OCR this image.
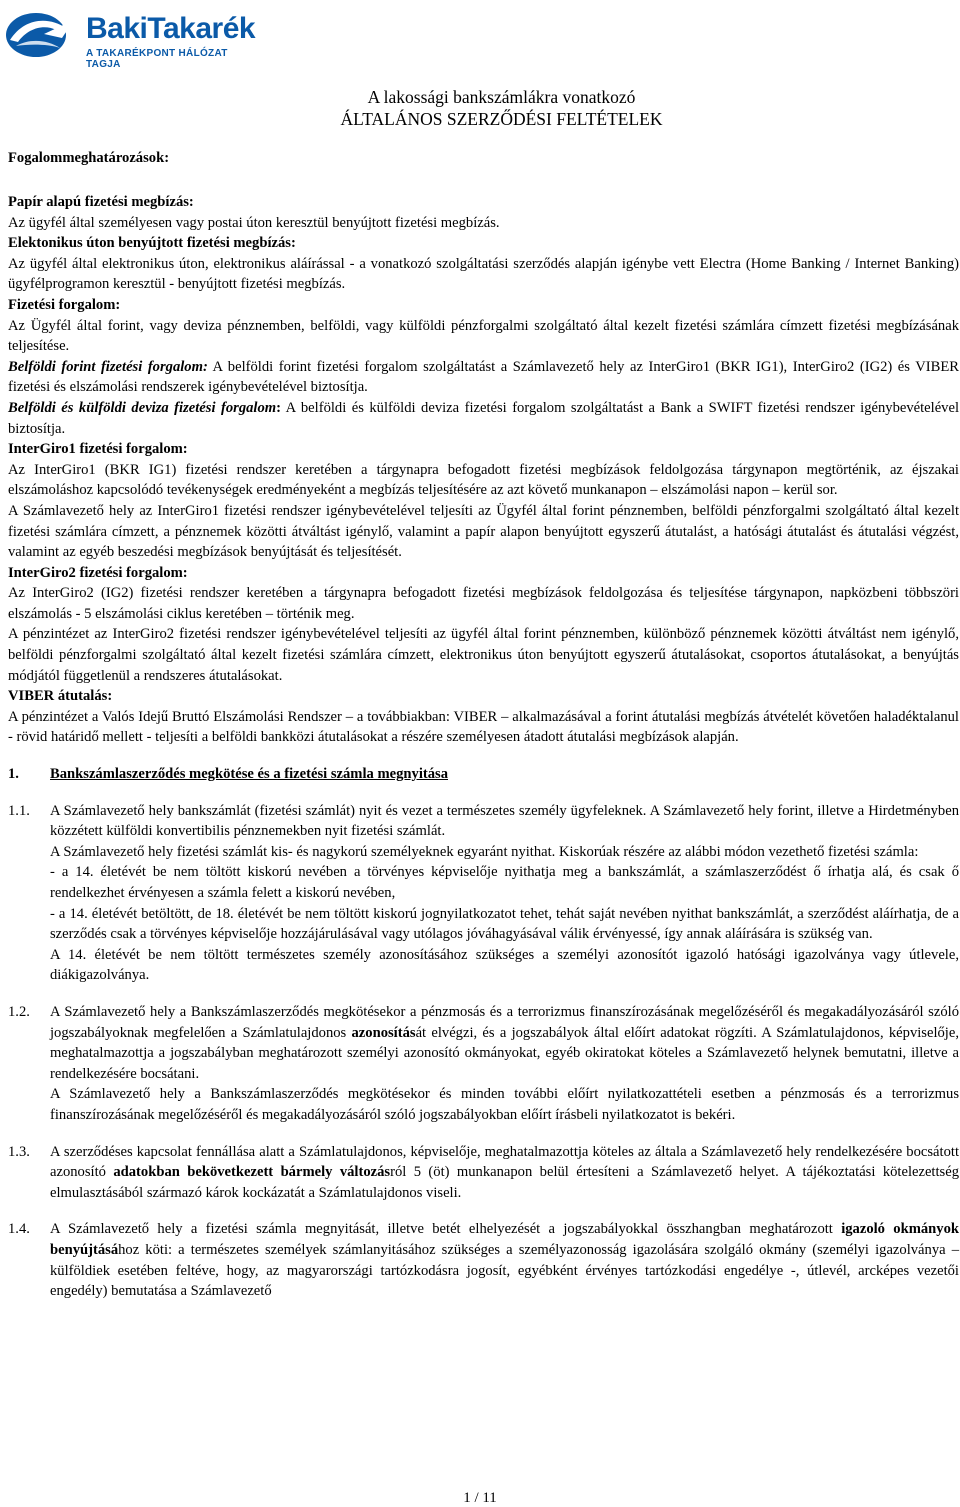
BakiTakarék
A TAKARÉKPONT HÁLÓZAT TAGJA
A lakossági bankszámlákra vonatkozó
ÁLTALÁNOS SZERZŐDÉSI FELTÉTELEK
Fogalommeghatározások:

Papír alapú fizetési megbízás:

Az ügyfél által személyesen vagy postai úton keresztül benyújtott fizetési megbízás.

Elektonikus úton benyújtott fizetési megbízás:

Az ügyfél által elektronikus úton, elektronikus aláírással - a vonatkozó szolgáltatási szerződés alapján igénybe vett Electra (Home Banking / Internet Banking) ügyfélprogramon keresztül - benyújtott fizetési megbízás.

Fizetési forgalom:

Az Ügyfél által forint, vagy deviza pénznemben, belföldi, vagy külföldi pénzforgalmi szolgáltató által kezelt fizetési számlára címzett fizetési megbízásának teljesítése.

Belföldi forint fizetési forgalom: A belföldi forint fizetési forgalom szolgáltatást a Számlavezető hely az InterGiro1 (BKR IG1), InterGiro2 (IG2) és VIBER fizetési és elszámolási rendszerek igénybevételével biztosítja.

Belföldi és külföldi deviza fizetési forgalom: A belföldi és külföldi deviza fizetési forgalom szolgáltatást a Bank a SWIFT fizetési rendszer igénybevételével biztosítja.

InterGiro1 fizetési forgalom:

Az InterGiro1 (BKR IG1) fizetési rendszer keretében a tárgynapra befogadott fizetési megbízások feldolgozása tárgynapon megtörténik, az éjszakai elszámoláshoz kapcsolódó tevékenységek eredményeként a megbízás teljesítésére az azt követő munkanapon – elszámolási napon – kerül sor.

A Számlavezető hely az InterGiro1 fizetési rendszer igénybevételével teljesíti az Ügyfél által forint pénznemben, belföldi pénzforgalmi szolgáltató által kezelt fizetési számlára címzett, a pénznemek közötti átváltást igénylő, valamint a papír alapon benyújtott egyszerű átutalást, a hatósági átutalást és átutalási végzést, valamint az egyéb beszedési megbízások benyújtását és teljesítését.

InterGiro2 fizetési forgalom:

Az InterGiro2 (IG2) fizetési rendszer keretében a tárgynapra befogadott fizetési megbízások feldolgozása és teljesítése tárgynapon, napközbeni többszöri elszámolás - 5 elszámolási ciklus keretében – történik meg.

A pénzintézet az InterGiro2 fizetési rendszer igénybevételével teljesíti az ügyfél által forint pénznemben, különböző pénznemek közötti átváltást nem igénylő, belföldi pénzforgalmi szolgáltató által kezelt fizetési számlára címzett, elektronikus úton benyújtott egyszerű átutalásokat, csoportos átutalásokat, a benyújtás módjától függetlenül a rendszeres átutalásokat.

VIBER átutalás:

A pénzintézet a Valós Idejű Bruttó Elszámolási Rendszer – a továbbiakban: VIBER – alkalmazásával a forint átutalási megbízás átvételét követően haladéktalanul - rövid határidő mellett - teljesíti a belföldi bankközi átutalásokat a részére személyesen átadott átutalási megbízások alapján.

1. Bankszámlaszerződés megkötése és a fizetési számla megnyitása

1.1.	A Számlavezető hely bankszámlát (fizetési számlát) nyit és vezet a természetes személy ügyfeleknek. A Számlavezető hely forint, illetve a Hirdetményben közzétett külföldi konvertibilis pénznemekben nyit fizetési számlát.

A Számlavezető hely fizetési számlát kis- és nagykorú személyeknek egyaránt nyithat. Kiskorúak részére az alábbi módon vezethető fizetési számla:

- a 14. életévét be nem töltött kiskorú nevében a törvényes képviselője nyithatja meg a bankszámlát, a számlaszerződést ő írhatja alá, és csak ő rendelkezhet érvényesen a számla felett a kiskorú nevében,

- a 14. életévét betöltött, de 18. életévét be nem töltött kiskorú jognyilatkozatot tehet, tehát saját nevében nyithat bankszámlát, a szerződést aláírhatja, de a szerződés csak a törvényes képviselője hozzájárulásával vagy utólagos jóváhagyásával válik érvényessé, így annak aláírására is szükség van.

A 14. életévét be nem töltött természetes személy azonosításához szükséges a személyi azonosítót igazoló hatósági igazolványa vagy útlevele, diákigazolványa.

1.2.	A Számlavezető hely a Bankszámlaszerződés megkötésekor a pénzmosás és a terrorizmus finanszírozásának megelőzéséről és megakadályozásáról szóló jogszabályoknak megfelelően a Számlatulajdonos azonosítását elvégzi, és a jogszabályok által előírt adatokat rögzíti. A Számlatulajdonos, képviselője, meghatalmazottja a jogszabályban meghatározott személyi azonosító okmányokat, egyéb okiratokat köteles a Számlavezető helynek bemutatni, illetve a rendelkezésére bocsátani.

A Számlavezető hely a Bankszámlaszerződés megkötésekor és minden további előírt nyilatkozattételi esetben a pénzmosás és a terrorizmus finanszírozásának megelőzéséről és megakadályozásáról szóló jogszabályokban előírt írásbeli nyilatkozatot is bekéri.

1.3.	A szerződéses kapcsolat fennállása alatt a Számlatulajdonos, képviselője, meghatalmazottja köteles az általa a Számlavezető hely rendelkezésére bocsátott azonosító adatokban bekövetkezett bármely változásról 5 (öt) munkanapon belül értesíteni a Számlavezető helyet. A tájékoztatási kötelezettség elmulasztásából származó károk kockázatát a Számlatulajdonos viseli.

1.4.	A Számlavezető hely a fizetési számla megnyitását, illetve betét elhelyezését a jogszabályokkal összhangban meghatározott igazoló okmányok benyújtásához köti: a természetes személyek számlanyitásához szükséges a személyazonosság igazolására szolgáló okmány (személyi igazolványa – külföldiek esetében feltéve, hogy, az magyarországi tartózkodásra jogosít, egyébként érvényes tartózkodási engedélye -, útlevél, arcképes vezetői engedély) bemutatása a Számlavezető

1 / 11
